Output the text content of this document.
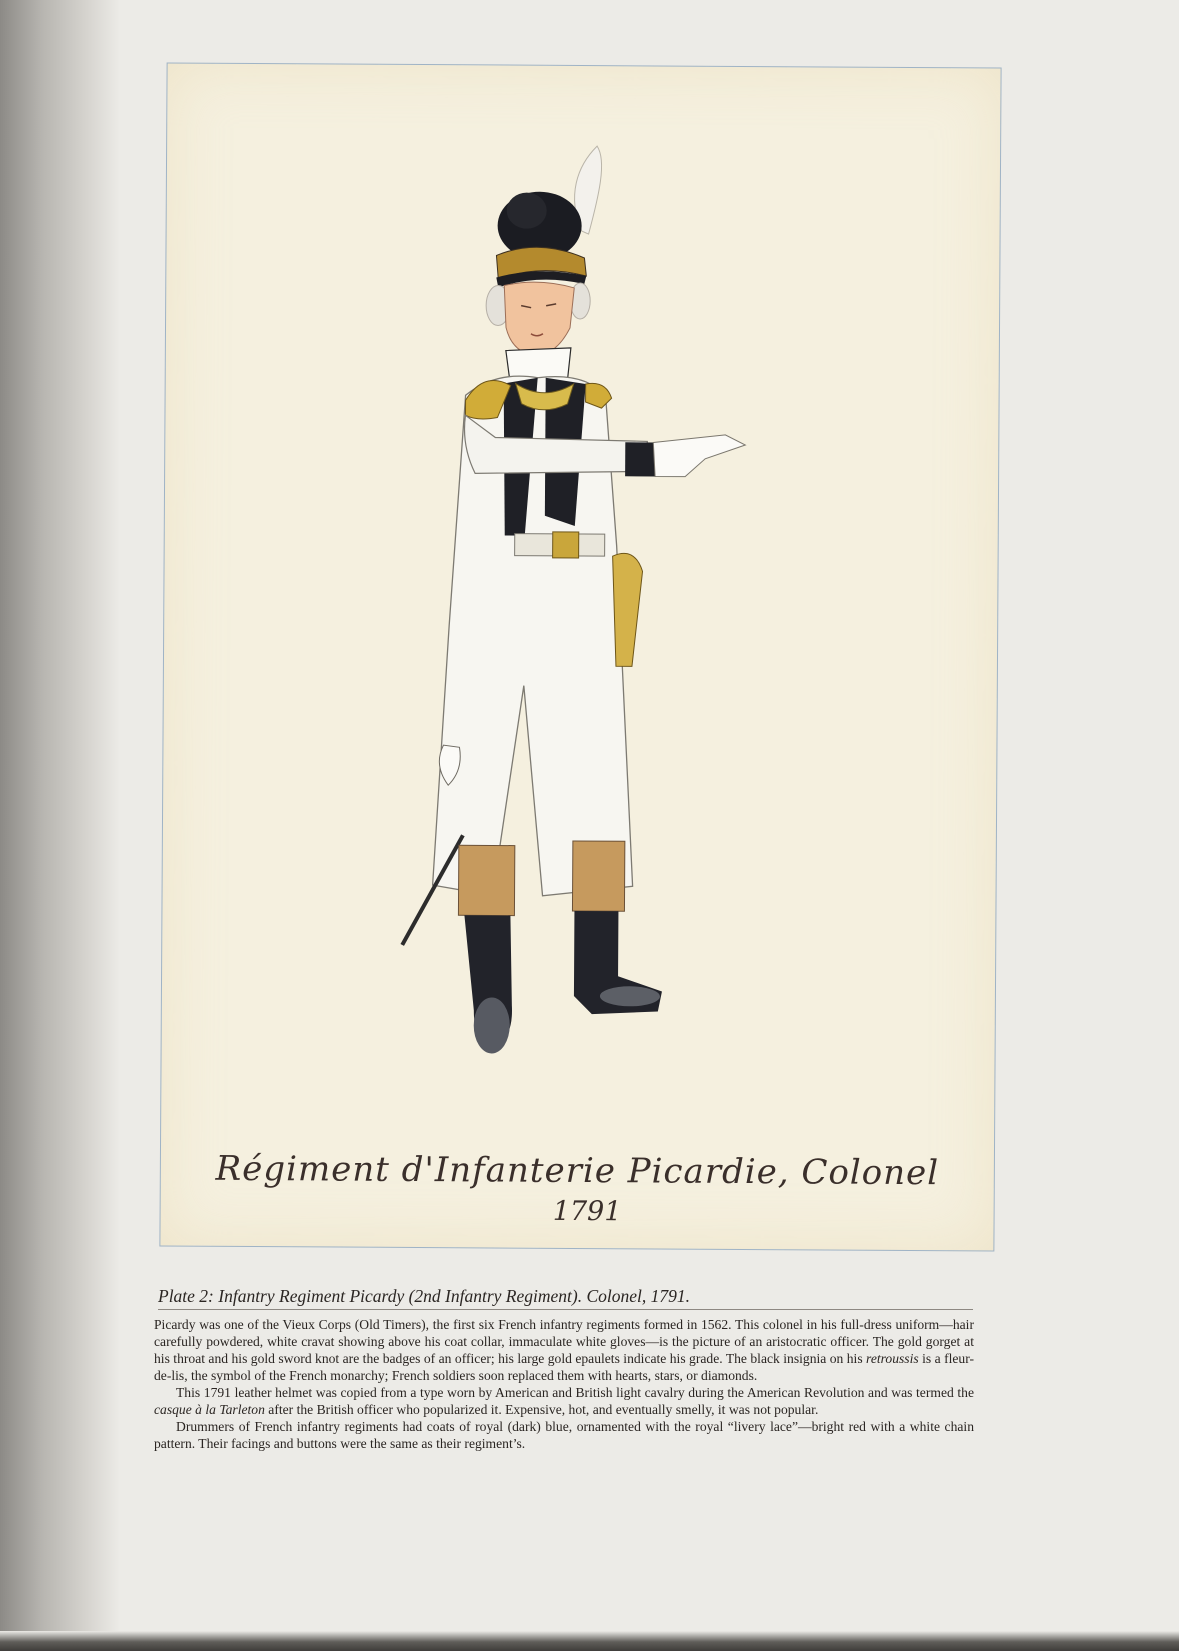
Régiment d'Infanterie Picardie, Colonel
1791
Plate 2: Infantry Regiment Picardy (2nd Infantry Regiment). Colonel, 1791.

Picardy was one of the Vieux Corps (Old Timers), the first six French infantry regiments formed in 1562. This colonel in his full-dress uniform—hair carefully powdered, white cravat showing above his coat collar, immaculate white gloves—is the picture of an aristocratic officer. The gold gorget at his throat and his gold sword knot are the badges of an officer; his large gold epaulets indicate his grade. The black insignia on his retroussis is a fleur-de-lis, the symbol of the French monarchy; French soldiers soon replaced them with hearts, stars, or diamonds.

This 1791 leather helmet was copied from a type worn by American and British light cavalry during the American Revolution and was termed the casque à la Tarleton after the British officer who popularized it. Expensive, hot, and eventually smelly, it was not popular.

Drummers of French infantry regiments had coats of royal (dark) blue, ornamented with the royal “livery lace”—bright red with a white chain pattern. Their facings and buttons were the same as their regiment’s.
